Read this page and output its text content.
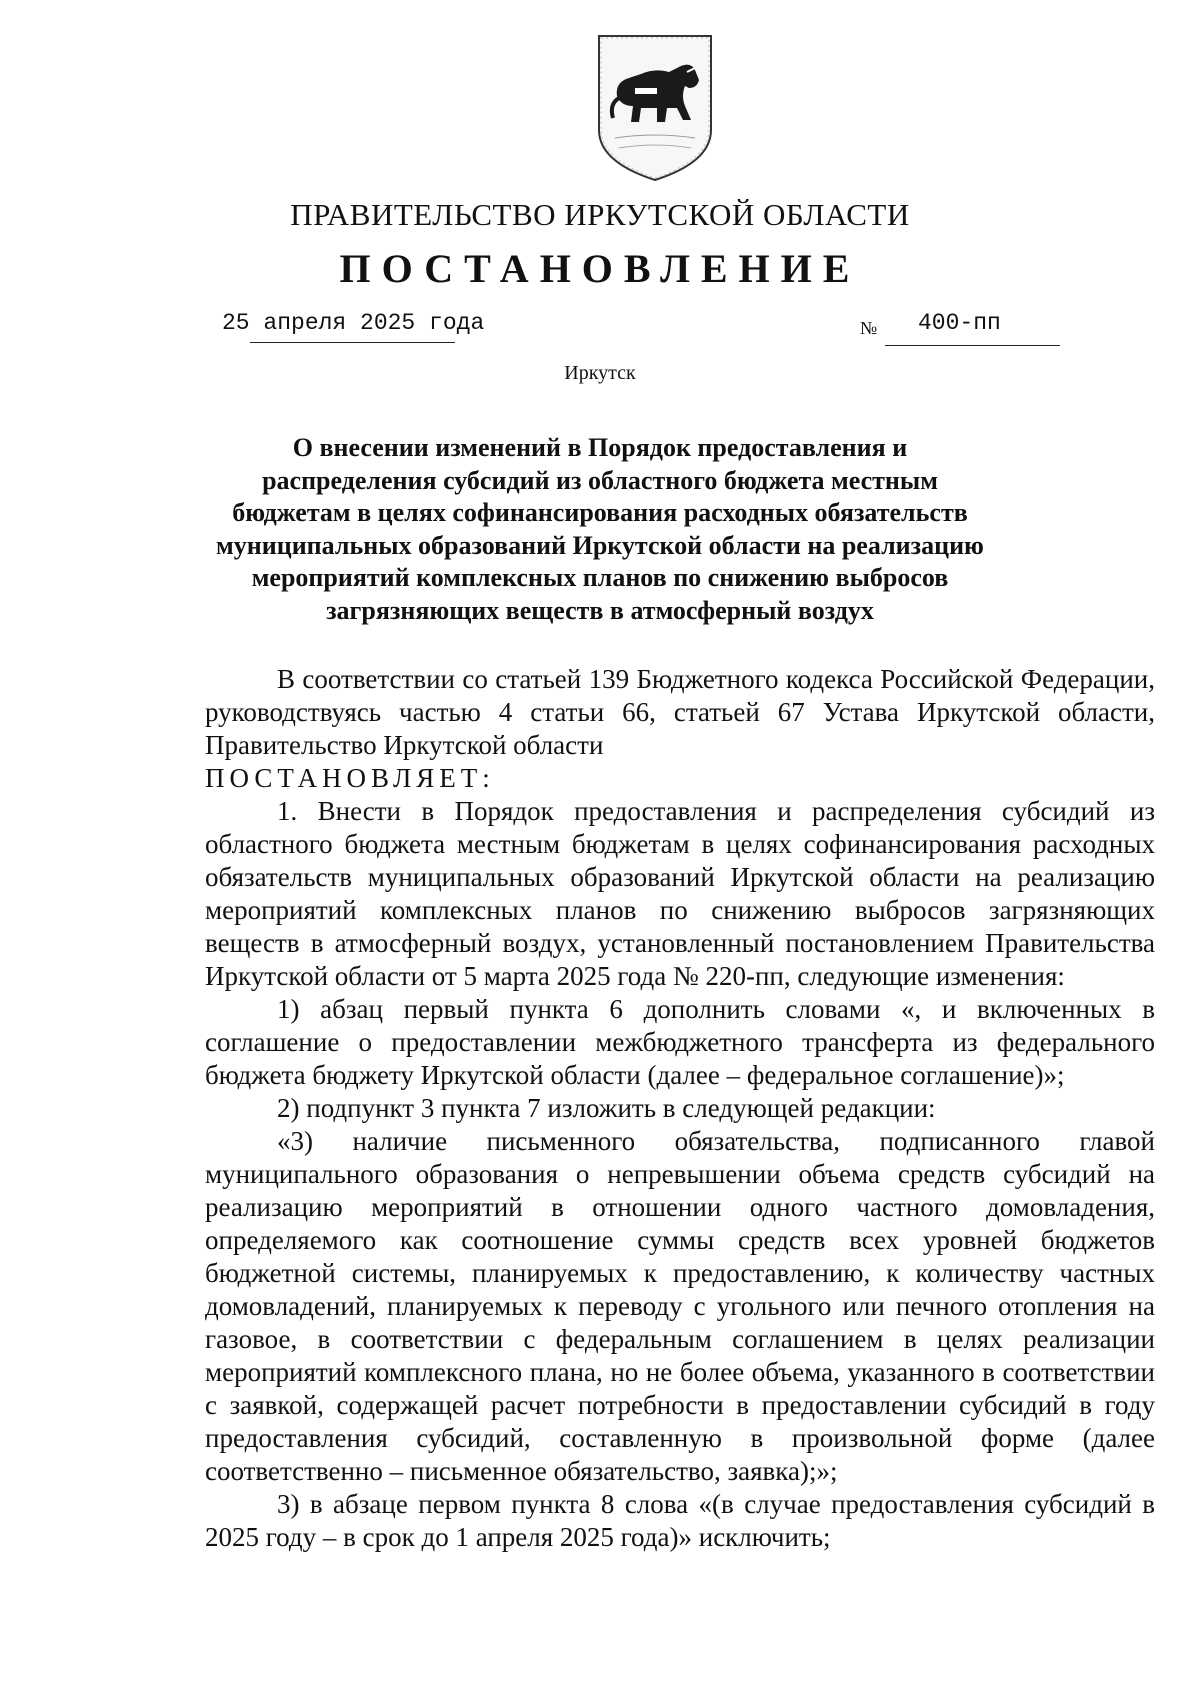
ПРАВИТЕЛЬСТВО ИРКУТСКОЙ ОБЛАСТИ
ПОСТАНОВЛЕНИЕ
25 апреля 2025 года	№ 400-пп
Иркутск
О внесении изменений в Порядок предоставления и распределения субсидий из областного бюджета местным бюджетам в целях софинансирования расходных обязательств муниципальных образований Иркутской области на реализацию мероприятий комплексных планов по снижению выбросов загрязняющих веществ в атмосферный воздух

В соответствии со статьей 139 Бюджетного кодекса Российской Федерации, руководствуясь частью 4 статьи 66, статьей 67 Устава Иркутской области, Правительство Иркутской области

ПОСТАНОВЛЯЕТ:

1. Внести в Порядок предоставления и распределения субсидий из областного бюджета местным бюджетам в целях софинансирования расходных обязательств муниципальных образований Иркутской области на реализацию мероприятий комплексных планов по снижению выбросов загрязняющих веществ в атмосферный воздух, установленный постановлением Правительства Иркутской области от 5 марта 2025 года № 220-пп, следующие изменения:

1) абзац первый пункта 6 дополнить словами «, и включенных в соглашение о предоставлении межбюджетного трансферта из федерального бюджета бюджету Иркутской области (далее – федеральное соглашение)»;

2) подпункт 3 пункта 7 изложить в следующей редакции:

«3) наличие письменного обязательства, подписанного главой муниципального образования о непревышении объема средств субсидий на реализацию мероприятий в отношении одного частного домовладения, определяемого как соотношение суммы средств всех уровней бюджетов бюджетной системы, планируемых к предоставлению, к количеству частных домовладений, планируемых к переводу с угольного или печного отопления на газовое, в соответствии с федеральным соглашением в целях реализации мероприятий комплексного плана, но не более объема, указанного в соответствии с заявкой, содержащей расчет потребности в предоставлении субсидий в году предоставления субсидий, составленную в произвольной форме (далее соответственно – письменное обязательство, заявка);»;

3) в абзаце первом пункта 8 слова «(в случае предоставления субсидий в 2025 году – в срок до 1 апреля 2025 года)» исключить;
